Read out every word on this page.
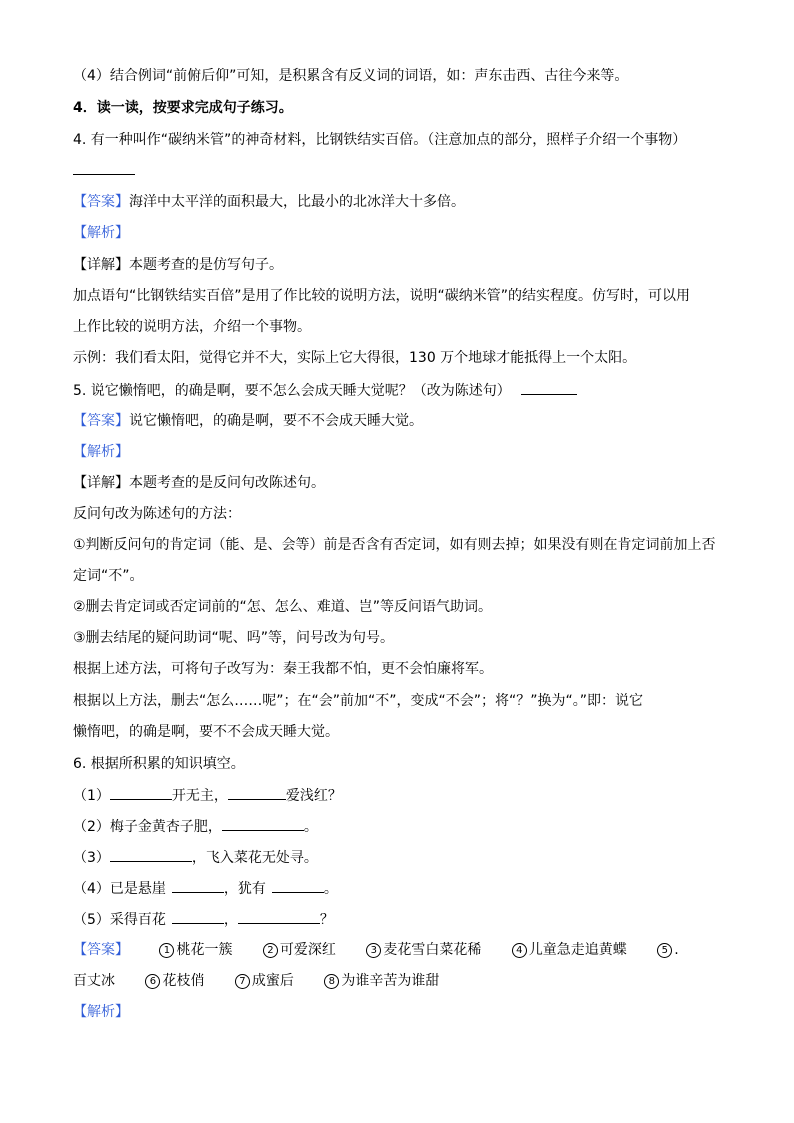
（4）结合例词“前俯后仰”可知，是积累含有反义词的词语，如：声东击西、古往今来等。
4．读一读，按要求完成句子练习。
4. 有一种叫作“碳纳米管”的神奇材料，比钢铁结实百倍。（注意加点的部分，照样子介绍一个事物）
【答案】海洋中太平洋的面积最大，比最小的北冰洋大十多倍。
【解析】
【详解】本题考查的是仿写句子。
加点语句“比钢铁结实百倍”是用了作比较的说明方法，说明“碳纳米管”的结实程度。仿写时，可以用
上作比较的说明方法，介绍一个事物。
示例：我们看太阳，觉得它并不大，实际上它大得很，130 万个地球才能抵得上一个太阳。
5. 说它懒惰吧，的确是啊，要不怎么会成天睡大觉呢？（改为陈述句）
【答案】说它懒惰吧，的确是啊，要不不会成天睡大觉。
【解析】
【详解】本题考查的是反问句改陈述句。
反问句改为陈述句的方法：
①判断反问句的肯定词（能、是、会等）前是否含有否定词，如有则去掉；如果没有则在肯定词前加上否
定词“不”。
②删去肯定词或否定词前的“怎、怎么、难道、岂”等反问语气助词。
③删去结尾的疑问助词“呢、吗”等，问号改为句号。
根据上述方法，可将句子改写为：秦王我都不怕，更不会怕廉将军。
根据以上方法，删去“怎么……呢”；在“会”前加“不”，变成“不会”；将“？”换为“。”即：说它
懒惰吧，的确是啊，要不不会成天睡大觉。
6. 根据所积累的知识填空。
（1）	开无主，	爱浅红？
（2）梅子金黄杏子肥，	。
（3）	，飞入菜花无处寻。
（4）已是悬崖	，犹有	。
（5）采得百花	，	？
【答案】	1 桃花一簇	2 可爱深红	3 麦花雪白菜花稀	4 儿童急走追黄蝶	5 .
百丈冰	6 花枝俏	7 成蜜后	8 为谁辛苦为谁甜
【解析】
